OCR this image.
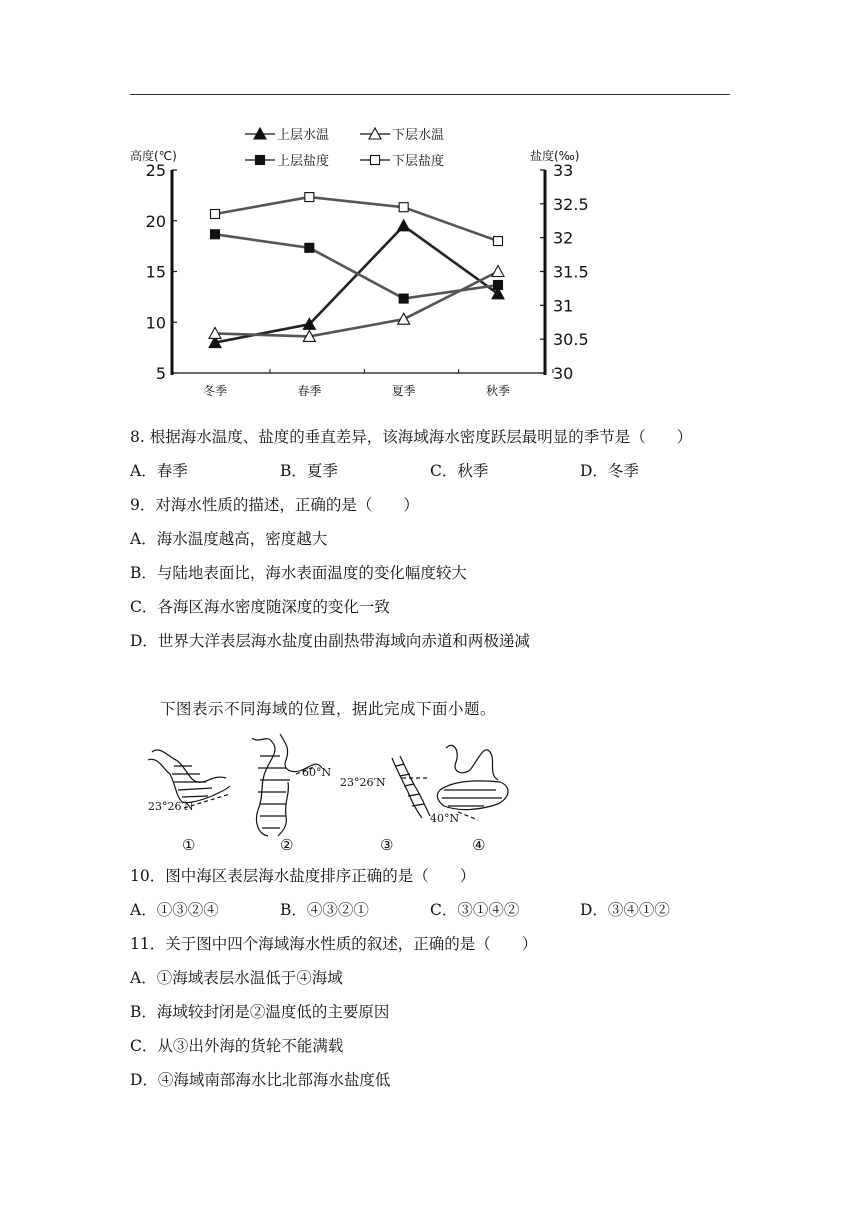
上层水温	下层水温
上层盐度	下层盐度
高度(℃)	盐度(‰)
25
20
15
10
5
33
32.5
32
31.5
31
30.5
30
冬季	春季	夏季	秋季
8. 根据海水温度、盐度的垂直差异，该海域海水密度跃层最明显的季节是（　　）
A．春季	B．夏季	C．秋季	D．冬季
9．对海水性质的描述，正确的是（　　）
A．海水温度越高，密度越大
B．与陆地表面比，海水表面温度的变化幅度较大
C．各海区海水密度随深度的变化一致
D．世界大洋表层海水盐度由副热带海域向赤道和两极递减
下图表示不同海域的位置，据此完成下面小题。
23°26′N
①
60°N
②
23°26′N
③
40°N
④
10．图中海区表层海水盐度排序正确的是（　　）
A．①③②④	B．④③②①	C．③①④②	D．③④①②
11．关于图中四个海域海水性质的叙述，正确的是（　　）
A．①海域表层水温低于④海域
B．海域较封闭是②温度低的主要原因
C．从③出外海的货轮不能满载
D．④海域南部海水比北部海水盐度低
